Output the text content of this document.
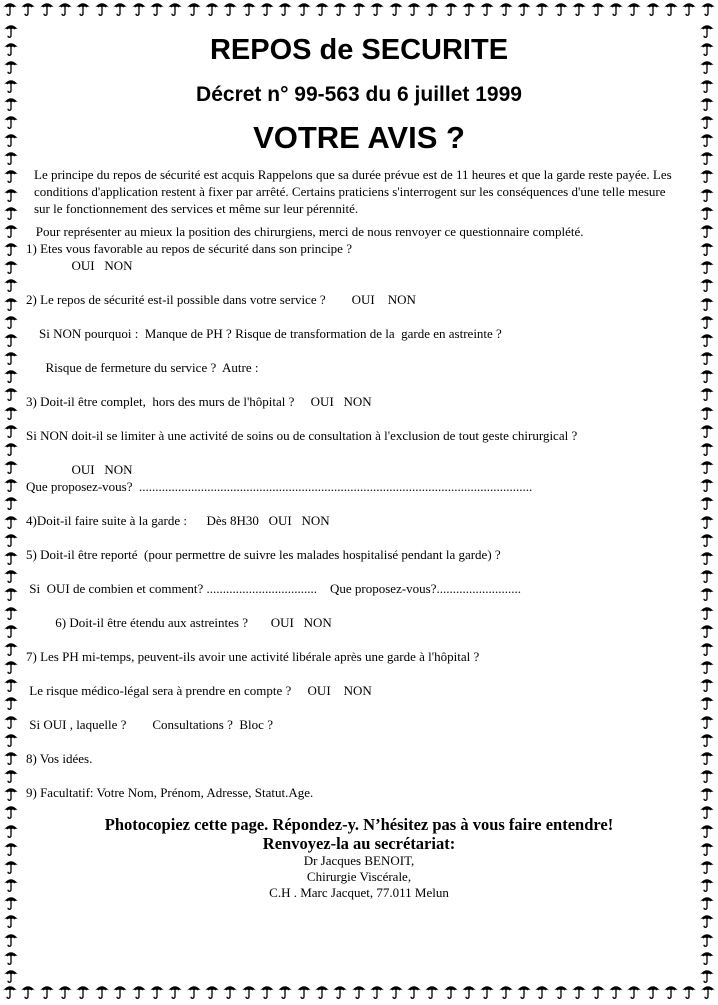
REPOS de SECURITE
Décret n° 99-563 du 6 juillet 1999
VOTRE AVIS ?

Le principe du repos de sécurité est acquis Rappelons que sa durée prévue est de 11 heures et que la garde reste payée. Les conditions d'application restent à fixer par arrêté. Certains praticiens s'interrogent sur les conséquences d'une telle mesure sur le fonctionnement des services et même sur leur pérennité.

Pour représenter au mieux la position des chirurgiens, merci de nous renvoyer ce questionnaire complété.
1) Etes vous favorable au repos de sécurité dans son principe ?
OUI   NON
2) Le repos de sécurité est-il possible dans votre service ?        OUI    NON
Si NON pourquoi :  Manque de PH ? Risque de transformation de la  garde en astreinte ?
Risque de fermeture du service ?  Autre :
3) Doit-il être complet,  hors des murs de l'hôpital ?     OUI   NON
Si NON doit-il se limiter à une activité de soins ou de consultation à l'exclusion de tout geste chirurgical ?
OUI   NON
Que proposez-vous?  .........................................................................................................................
4)Doit-il faire suite à la garde :      Dès 8H30   OUI   NON
5) Doit-il être reporté  (pour permettre de suivre les malades hospitalisé pendant la garde) ?
Si  OUI de combien et comment? ..................................    Que proposez-vous?..........................
6) Doit-il être étendu aux astreintes ?       OUI   NON
7) Les PH mi-temps, peuvent-ils avoir une activité libérale après une garde à l'hôpital ?
Le risque médico-légal sera à prendre en compte ?     OUI    NON
Si OUI , laquelle ?        Consultations ?  Bloc ?
8) Vos idées.
9) Facultatif: Votre Nom, Prénom, Adresse, Statut.Age.
Photocopiez cette page. Répondez-y. N’hésitez pas à vous faire entendre!
Renvoyez-la au secrétariat:
Dr Jacques BENOIT,
Chirurgie Viscérale,
C.H . Marc Jacquet, 77.011 Melun
